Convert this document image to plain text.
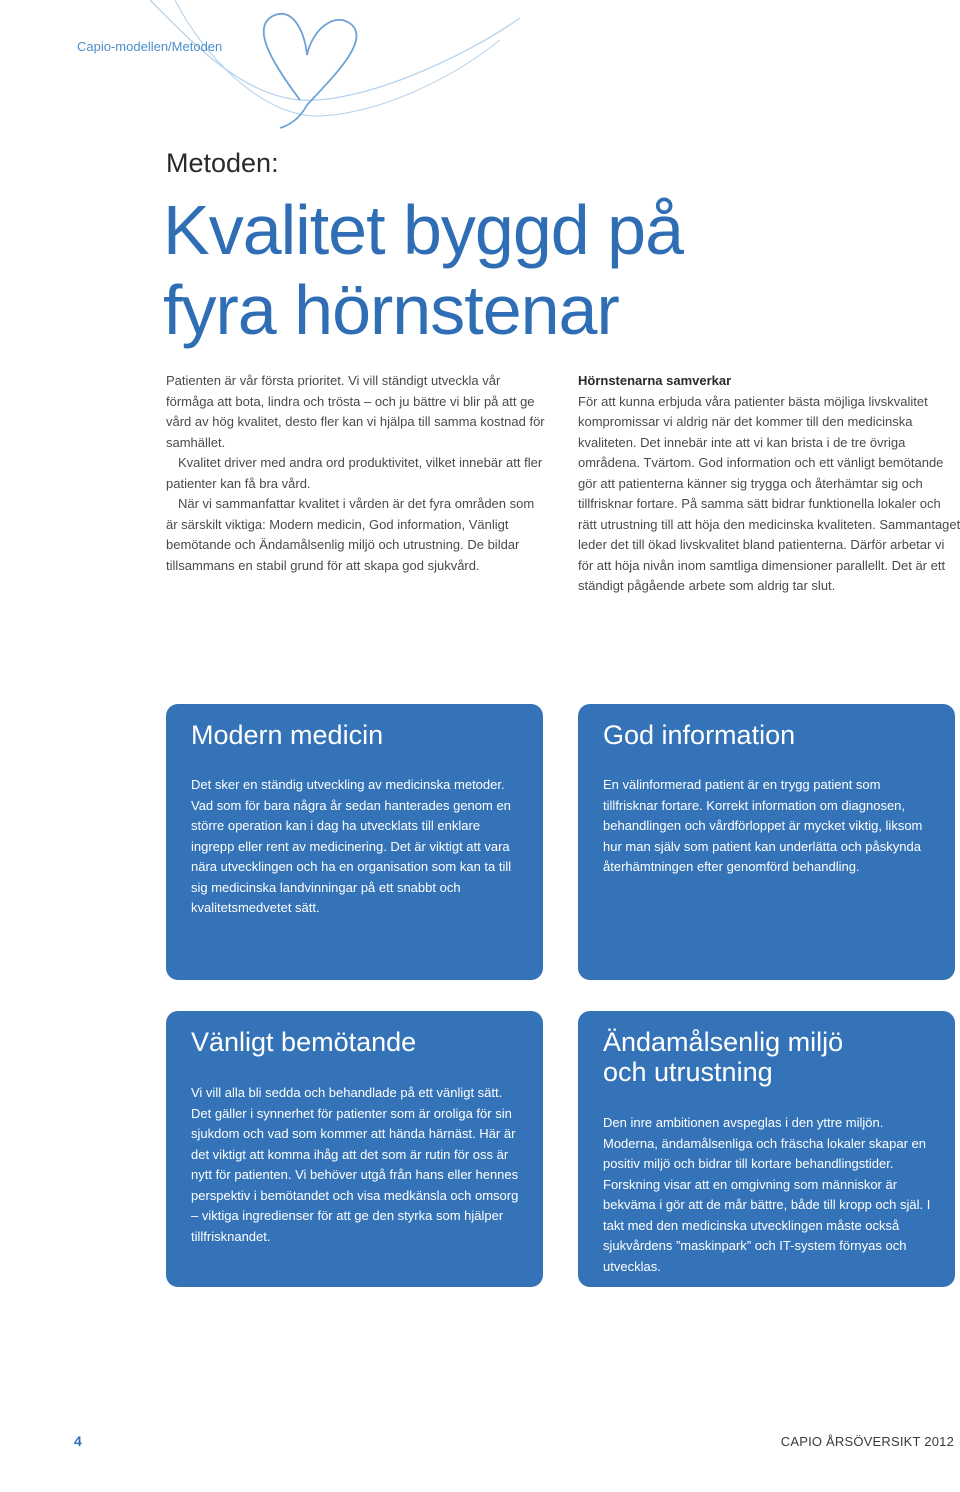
Capio-modellen/Metoden
Metoden:
Kvalitet byggd på
fyra hörnstenar

Patienten är vår första prioritet. Vi vill ständigt utveckla vår förmåga att bota, lindra och trösta – och ju bättre vi blir på att ge vård av hög kvalitet, desto fler kan vi hjälpa till samma kostnad för samhället.

Kvalitet driver med andra ord produktivitet, vilket innebär att fler patienter kan få bra vård.

När vi sammanfattar kvalitet i vården är det fyra områden som är särskilt viktiga: Modern medicin, God information, Vänligt bemötande och Ändamålsenlig miljö och utrustning. De bildar tillsammans en stabil grund för att skapa god sjukvård.

Hörnstenarna samverkar

För att kunna erbjuda våra patienter bästa möjliga livskvalitet kompromissar vi aldrig när det kommer till den medicinska kvaliteten. Det innebär inte att vi kan brista i de tre övriga områdena. Tvärtom. God information och ett vänligt bemötande gör att patienterna känner sig trygga och återhämtar sig och tillfrisknar fortare. På samma sätt bidrar funktionella lokaler och rätt utrustning till att höja den medicinska kvaliteten. Sammantaget leder det till ökad livskvalitet bland patienterna. Därför arbetar vi för att höja nivån inom samtliga dimensioner parallellt. Det är ett ständigt pågående arbete som aldrig tar slut.

Modern medicin

Det sker en ständig utveckling av medicinska metoder. Vad som för bara några år sedan hanterades genom en större operation kan i dag ha utvecklats till enklare ingrepp eller rent av medicinering. Det är viktigt att vara nära utvecklingen och ha en organisation som kan ta till sig medicinska landvinningar på ett snabbt och kvalitetsmedvetet sätt.

God information

En välinformerad patient är en trygg patient som tillfrisknar fortare. Korrekt information om diagnosen, behandlingen och vårdförloppet är mycket viktig, liksom hur man själv som patient kan underlätta och påskynda återhämtningen efter genomförd behandling.

Vänligt bemötande

Vi vill alla bli sedda och behandlade på ett vänligt sätt. Det gäller i synnerhet för patienter som är oroliga för sin sjukdom och vad som kommer att hända härnäst. Här är det viktigt att komma ihåg att det som är rutin för oss är nytt för patienten. Vi behöver utgå från hans eller hennes perspektiv i bemötandet och visa medkänsla och omsorg – viktiga ingredienser för att ge den styrka som hjälper tillfrisknandet.

Ändamålsenlig miljö
och utrustning

Den inre ambitionen avspeglas i den yttre miljön. Moderna, ändamålsenliga och fräscha lokaler skapar en positiv miljö och bidrar till kortare behandlingstider. Forskning visar att en omgivning som människor är bekväma i gör att de mår bättre, både till kropp och själ. I takt med den medicinska utvecklingen måste också sjukvårdens ”maskinpark” och IT-system förnyas och utvecklas.

4	CAPIO ÅRSÖVERSIKT 2012
